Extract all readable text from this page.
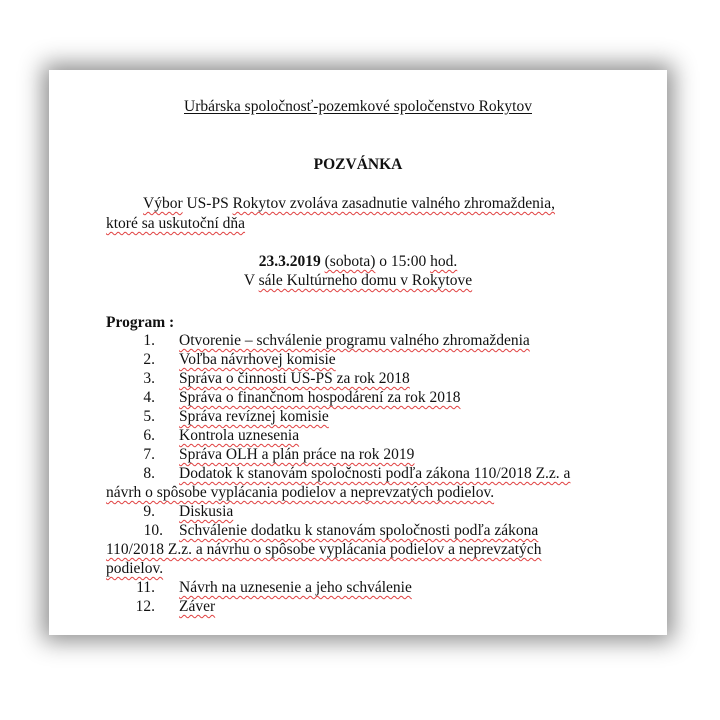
Urbárska spoločnosť-pozemkové spoločenstvo Rokytov
POZVÁNKA
Výbor US-PS Rokytov zvoláva zasadnutie valného zhromaždenia,
ktoré sa uskutoční dňa
23.3.2019 (sobota) o 15:00 hod.
V sále Kultúrneho domu v Rokytove
Program :
1. Otvorenie – schválenie programu valného zhromaždenia
2. Voľba návrhovej komisie
3. Správa o činnosti US-PS za rok 2018
4. Správa o finančnom hospodárení za rok 2018
5. Správa revíznej komisie
6. Kontrola uznesenia
7. Správa OLH a plán práce na rok 2019
8. Dodatok k stanovám spoločnosti podľa zákona 110/2018 Z.z. a
návrh o spôsobe vyplácania podielov a neprevzatých podielov.
9. Diskusia
10. Schválenie dodatku k stanovám spoločnosti podľa zákona
110/2018 Z.z. a návrhu o spôsobe vyplácania podielov a neprevzatých
podielov.
11. Návrh na uznesenie a jeho schválenie
12. Záver
